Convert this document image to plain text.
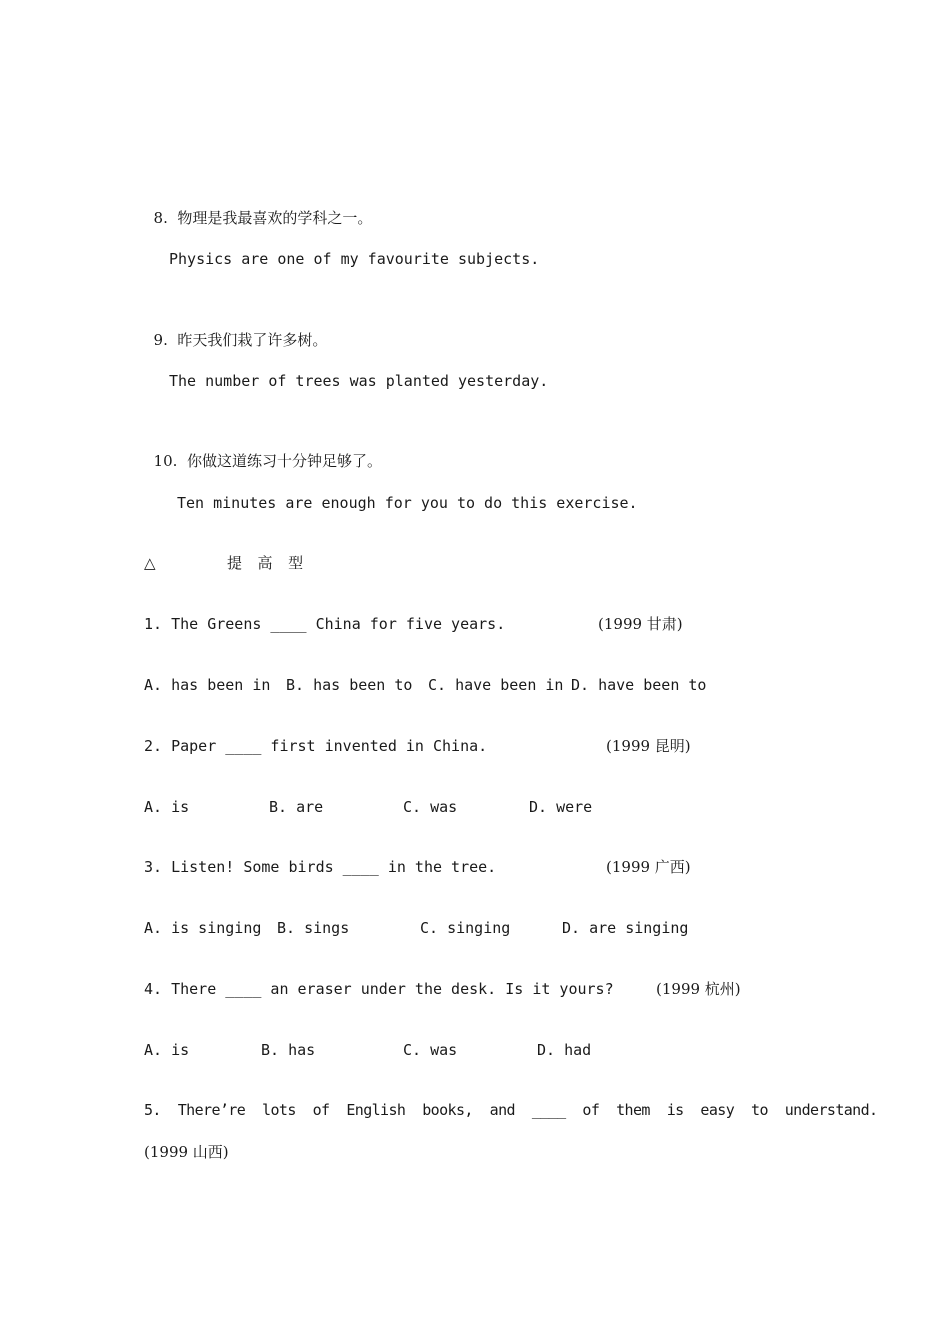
8. 物理是我最喜欢的学科之一。

Physics are one of my favourite subjects.

9. 昨天我们栽了许多树。

The number of trees was planted yesterday.

10. 你做这道练习十分钟足够了。

Ten minutes are enough for you to do this exercise.
△	提  高  型
1. The Greens ____ China for five years.	(1999 甘肃)
A. has been in B. has been to C. have been in D. have been to
2. Paper ____ first invented in China.	(1999 昆明)
A. is	B. are	C. was	D. were
3. Listen! Some birds ____ in the tree.	(1999 广西)
A. is singing B. sings	C. singing	D. are singing
4. There ____ an eraser under the desk. Is it yours?	(1999 杭州)
A. is	B. has	C. was	D. had
5.  There’re  lots  of  English  books,  and  ____  of  them  is  easy  to  understand.
(1999 山西)
